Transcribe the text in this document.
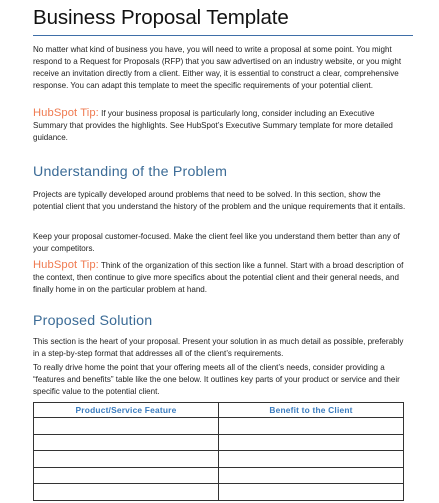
Business Proposal Template

No matter what kind of business you have, you will need to write a proposal at some point. You might respond to a Request for Proposals (RFP) that you saw advertised on an industry website, or you might receive an invitation directly from a client. Either way, it is essential to construct a clear, comprehensive response. You can adapt this template to meet the specific requirements of your potential client.

HubSpot Tip: If your business proposal is particularly long, consider including an Executive Summary that provides the highlights. See HubSpot’s Executive Summary template for more detailed guidance.

Understanding of the Problem

Projects are typically developed around problems that need to be solved. In this section, show the potential client that you understand the history of the problem and the unique requirements that it entails.

Keep your proposal customer-focused. Make the client feel like you understand them better than any of your competitors.

HubSpot Tip: Think of the organization of this section like a funnel. Start with a broad description of the context, then continue to give more specifics about the potential client and their general needs, and finally home in on the particular problem at hand.

Proposed Solution

This section is the heart of your proposal. Present your solution in as much detail as possible, preferably in a step-by-step format that addresses all of the client’s requirements.

To really drive home the point that your offering meets all of the client’s needs, consider providing a “features and benefits” table like the one below. It outlines key parts of your product or service and their specific value to the potential client.

Product/Service Feature	Benefit to the Client
